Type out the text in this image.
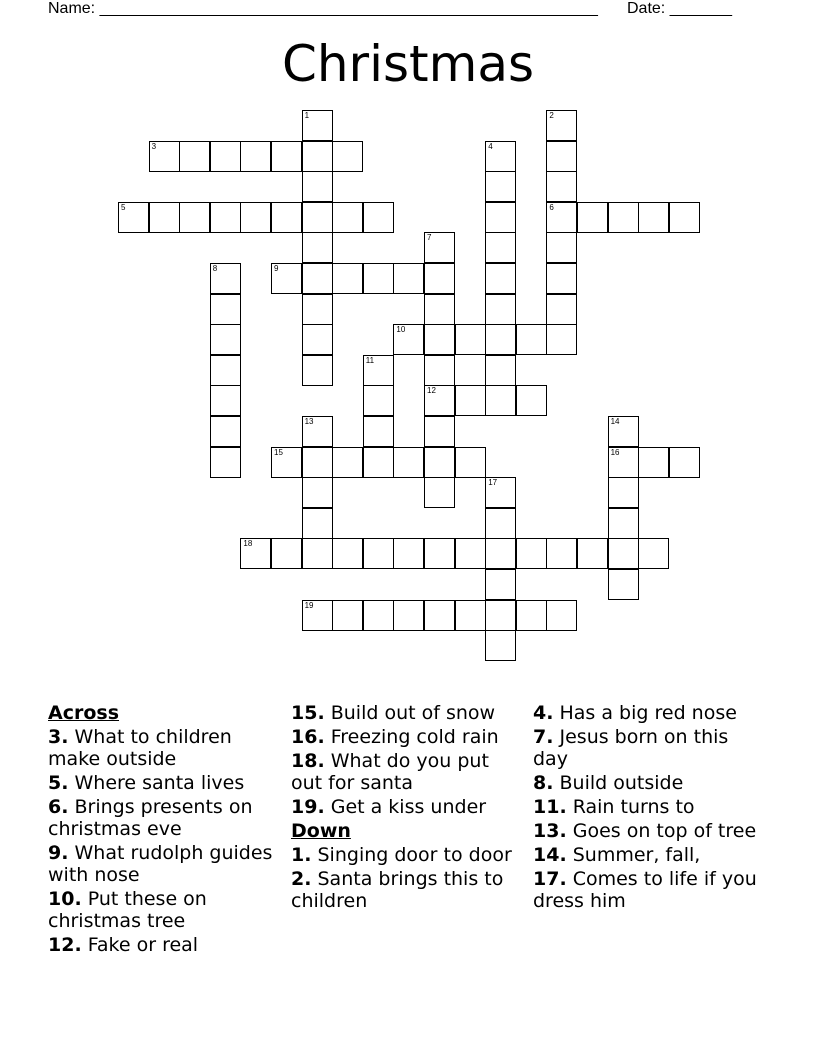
Name: ________________________________________________________ Date: _______
Christmas
1	2
6
3	4
5
7
12
8	9
10
11
13	14
16
15
17
18
19
Across
3. What to children make outside
5. Where santa lives
6. Brings presents on christmas eve
9. What rudolph guides with nose
10. Put these on christmas tree
12. Fake or real
15. Build out of snow
16. Freezing cold rain
18. What do you put out for santa
19. Get a kiss under
Down
1. Singing door to door
2. Santa brings this to children
4. Has a big red nose
7. Jesus born on this day
8. Build outside
11. Rain turns to
13. Goes on top of tree
14. Summer, fall,
17. Comes to life if you dress him
